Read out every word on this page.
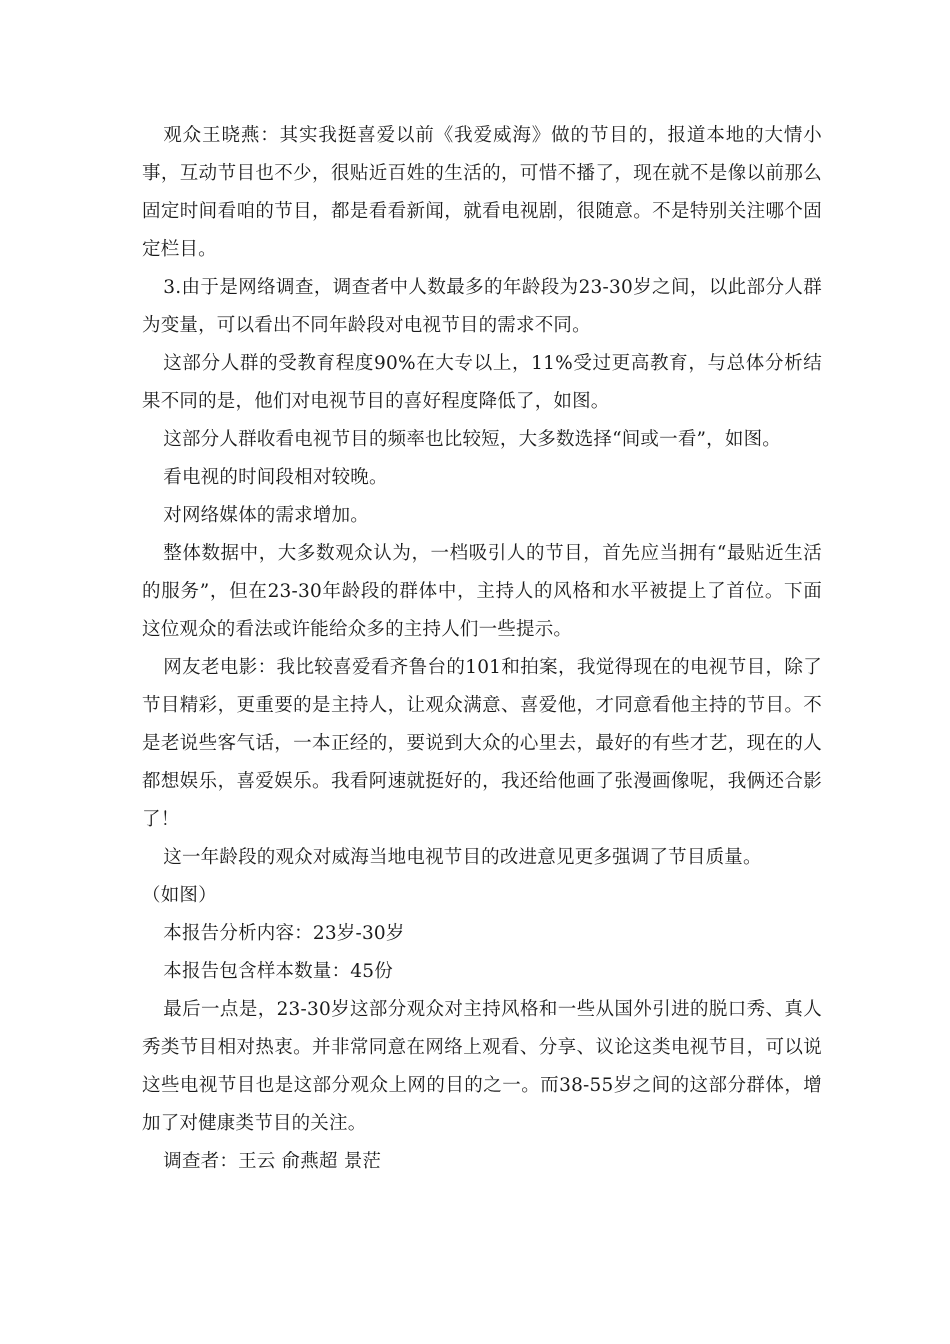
观众王晓燕：其实我挺喜爱以前《我爱威海》做的节目的，报道本地的大情小事，互动节目也不少，很贴近百姓的生活的，可惜不播了，现在就不是像以前那么固定时间看咱的节目，都是看看新闻，就看电视剧，很随意。不是特别关注哪个固定栏目。

3.由于是网络调查，调查者中人数最多的年龄段为23-30岁之间，以此部分人群为变量，可以看出不同年龄段对电视节目的需求不同。

这部分人群的受教育程度90%在大专以上，11%受过更高教育，与总体分析结果不同的是，他们对电视节目的喜好程度降低了，如图。

这部分人群收看电视节目的频率也比较短，大多数选择“间或一看”，如图。

看电视的时间段相对较晚。

对网络媒体的需求增加。

整体数据中，大多数观众认为，一档吸引人的节目，首先应当拥有“最贴近生活的服务”，但在23-30年龄段的群体中，主持人的风格和水平被提上了首位。下面这位观众的看法或许能给众多的主持人们一些提示。

网友老电影：我比较喜爱看齐鲁台的101和拍案，我觉得现在的电视节目，除了节目精彩，更重要的是主持人，让观众满意、喜爱他，才同意看他主持的节目。不是老说些客气话，一本正经的，要说到大众的心里去，最好的有些才艺，现在的人都想娱乐，喜爱娱乐。我看阿速就挺好的，我还给他画了张漫画像呢，我俩还合影了！

这一年龄段的观众对威海当地电视节目的改进意见更多强调了节目质量。

（如图）

本报告分析内容：23岁-30岁

本报告包含样本数量：45份

最后一点是，23-30岁这部分观众对主持风格和一些从国外引进的脱口秀、真人秀类节目相对热衷。并非常同意在网络上观看、分享、议论这类电视节目，可以说这些电视节目也是这部分观众上网的目的之一。而38-55岁之间的这部分群体，增加了对健康类节目的关注。

调查者：王云 俞燕超 景茫
